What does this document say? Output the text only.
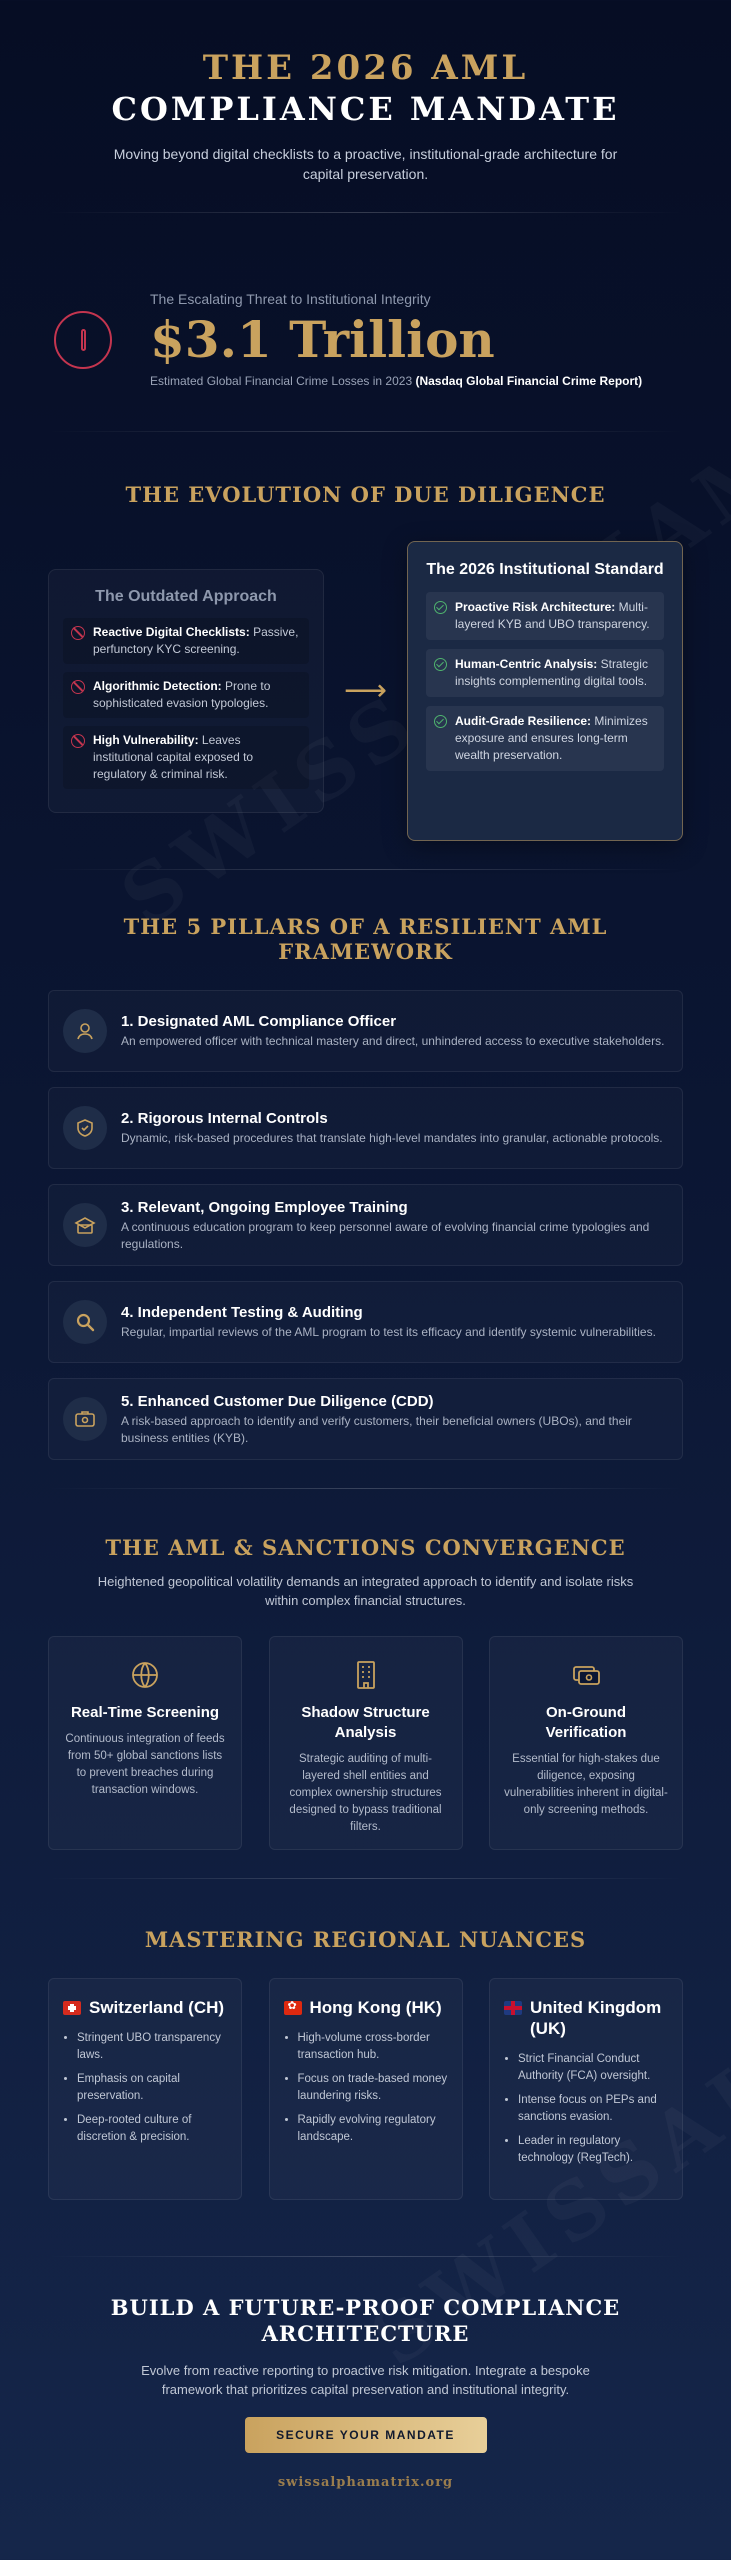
THE 2026 AML
COMPLIANCE MANDATE
Moving beyond digital checklists to a proactive, institutional-grade architecture for capital preservation.
The Escalating Threat to Institutional Integrity
$3.1 Trillion
Estimated Global Financial Crime Losses in 2023 (Nasdaq Global Financial Crime Report)
THE EVOLUTION OF DUE DILIGENCE
The Outdated Approach
Reactive Digital Checklists: Passive, perfunctory KYC screening.
Algorithmic Detection: Prone to sophisticated evasion typologies.
High Vulnerability: Leaves institutional capital exposed to regulatory & criminal risk.
⟶
The 2026 Institutional Standard
Proactive Risk Architecture: Multi-layered KYB and UBO transparency.
Human-Centric Analysis: Strategic insights complementing digital tools.
Audit-Grade Resilience: Minimizes exposure and ensures long-term wealth preservation.
THE 5 PILLARS OF A RESILIENT AML FRAMEWORK
1. Designated AML Compliance Officer

An empowered officer with technical mastery and direct, unhindered access to executive stakeholders.

2. Rigorous Internal Controls

Dynamic, risk-based procedures that translate high-level mandates into granular, actionable protocols.

3. Relevant, Ongoing Employee Training

A continuous education program to keep personnel aware of evolving financial crime typologies and regulations.

4. Independent Testing & Auditing

Regular, impartial reviews of the AML program to test its efficacy and identify systemic vulnerabilities.

5. Enhanced Customer Due Diligence (CDD)

A risk-based approach to identify and verify customers, their beneficial owners (UBOs), and their business entities (KYB).

THE AML & SANCTIONS CONVERGENCE
Heightened geopolitical volatility demands an integrated approach to identify and isolate risks within complex financial structures.
Real-Time Screening

Continuous integration of feeds from 50+ global sanctions lists to prevent breaches during transaction windows.

Shadow Structure Analysis

Strategic auditing of multi-layered shell entities and complex ownership structures designed to bypass traditional filters.

On-Ground Verification

Essential for high-stakes due diligence, exposing vulnerabilities inherent in digital-only screening methods.

MASTERING REGIONAL NUANCES
Switzerland (CH)
• Stringent UBO transparency laws.
• Emphasis on capital preservation.
• Deep-rooted culture of discretion & precision.
✿
Hong Kong (HK)
• High-volume cross-border transaction hub.
• Focus on trade-based money laundering risks.
• Rapidly evolving regulatory landscape.
United Kingdom (UK)
• Strict Financial Conduct Authority (FCA) oversight.
• Intense focus on PEPs and sanctions evasion.
• Leader in regulatory technology (RegTech).
BUILD A FUTURE-PROOF COMPLIANCE ARCHITECTURE

Evolve from reactive reporting to proactive risk mitigation. Integrate a bespoke framework that prioritizes capital preservation and institutional integrity.

SECURE YOUR MANDATE
swissalphamatrix.org
